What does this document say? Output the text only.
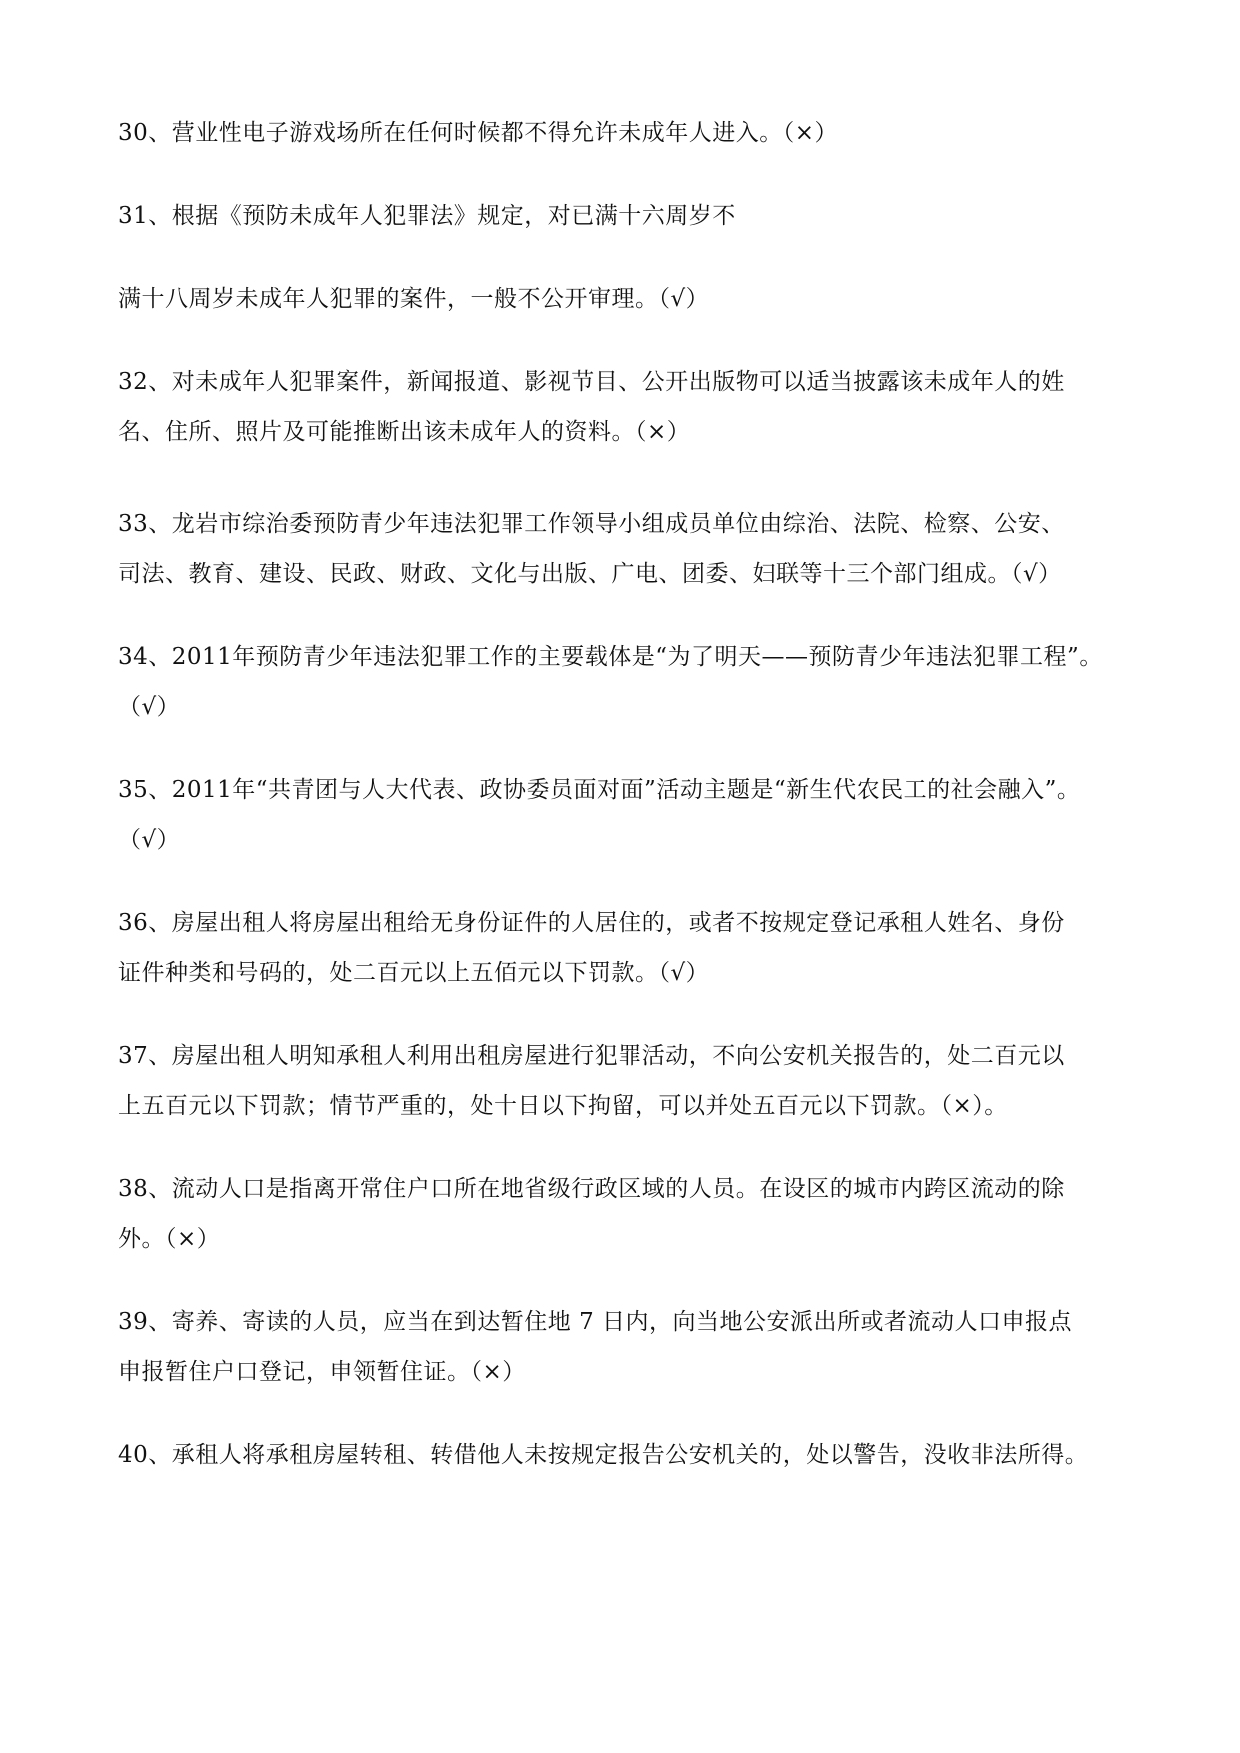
30、营业性电子游戏场所在任何时候都不得允许未成年人进入。（×）
31、根据《预防未成年人犯罪法》规定，对已满十六周岁不
满十八周岁未成年人犯罪的案件，一般不公开审理。（√）
32、对未成年人犯罪案件，新闻报道、影视节目、公开出版物可以适当披露该未成年人的姓
名、住所、照片及可能推断出该未成年人的资料。（×）
33、龙岩市综治委预防青少年违法犯罪工作领导小组成员单位由综治、法院、检察、公安、
司法、教育、建设、民政、财政、文化与出版、广电、团委、妇联等十三个部门组成。（√）
34、2011年预防青少年违法犯罪工作的主要载体是“为了明天——预防青少年违法犯罪工程”。
（√）
35、2011年“共青团与人大代表、政协委员面对面”活动主题是“新生代农民工的社会融入”。
（√）
36、房屋出租人将房屋出租给无身份证件的人居住的，或者不按规定登记承租人姓名、身份
证件种类和号码的，处二百元以上五佰元以下罚款。（√）
37、房屋出租人明知承租人利用出租房屋进行犯罪活动，不向公安机关报告的，处二百元以
上五百元以下罚款；情节严重的，处十日以下拘留，可以并处五百元以下罚款。（×）。
38、流动人口是指离开常住户口所在地省级行政区域的人员。在设区的城市内跨区流动的除
外。（×）
39、寄养、寄读的人员，应当在到达暂住地 7 日内，向当地公安派出所或者流动人口申报点
申报暂住户口登记，申领暂住证。（×）
40、承租人将承租房屋转租、转借他人未按规定报告公安机关的，处以警告，没收非法所得。
